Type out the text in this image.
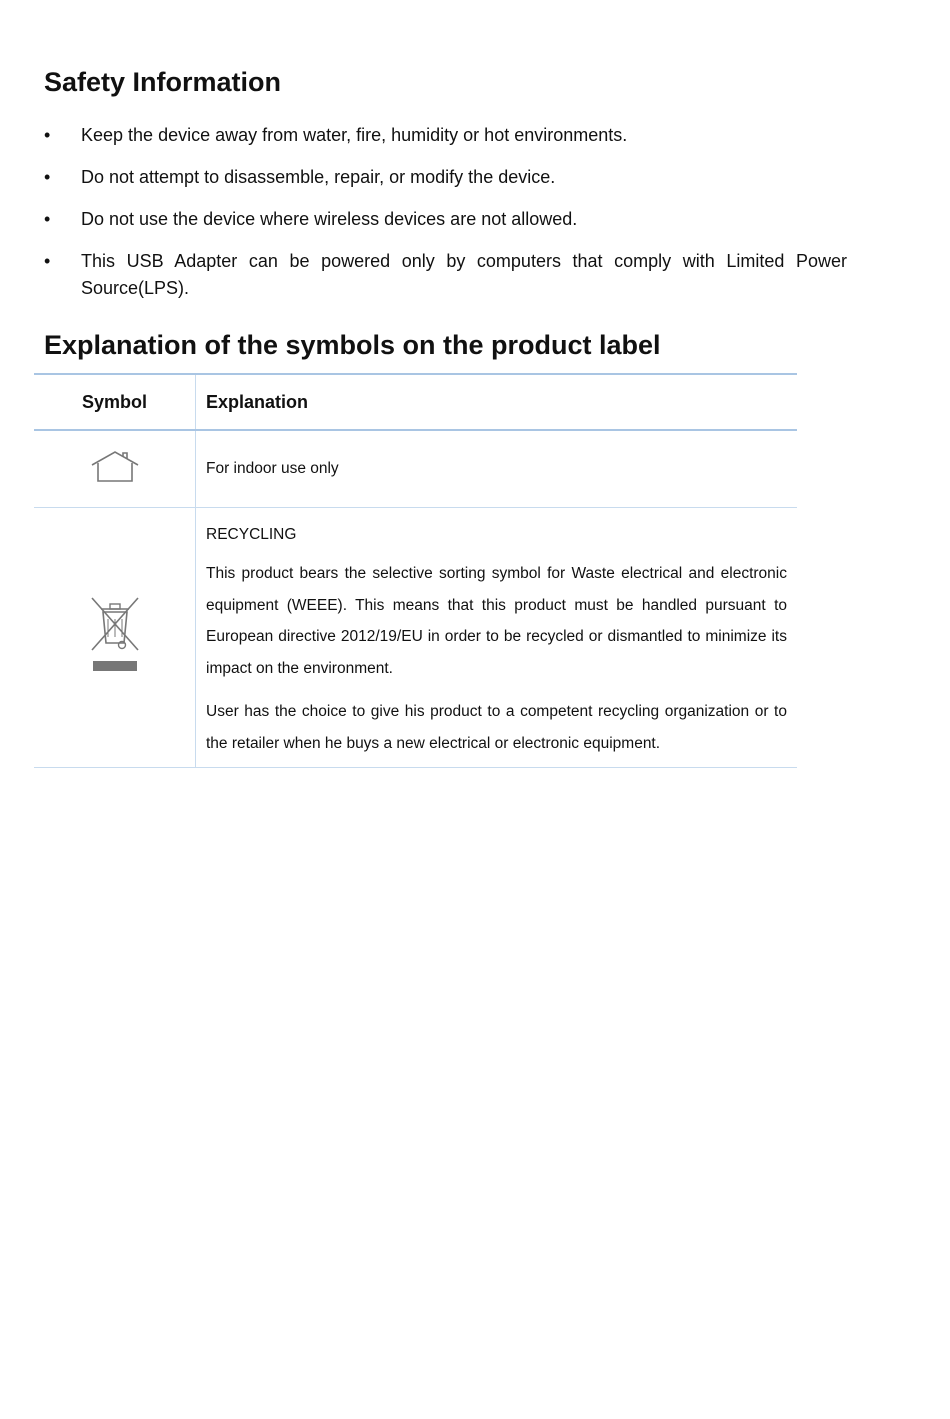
Safety Information
•	Keep the device away from water, fire, humidity or hot environments.
•	Do not attempt to disassemble, repair, or modify the device.
•	Do not use the device where wireless devices are not allowed.
•	This USB Adapter can be powered only by computers that comply with Limited Power Source(LPS).
Explanation of the symbols on the product label
Symbol	Explanation
	For indoor use only

RECYCLING

This product bears the selective sorting symbol for Waste electrical and electronic equipment (WEEE). This means that this product must be handled pursuant to European directive 2012/19/EU in order to be recycled or dismantled to minimize its impact on the environment.

User has the choice to give his product to a competent recycling organization or to the retailer when he buys a new electrical or electronic equipment.
